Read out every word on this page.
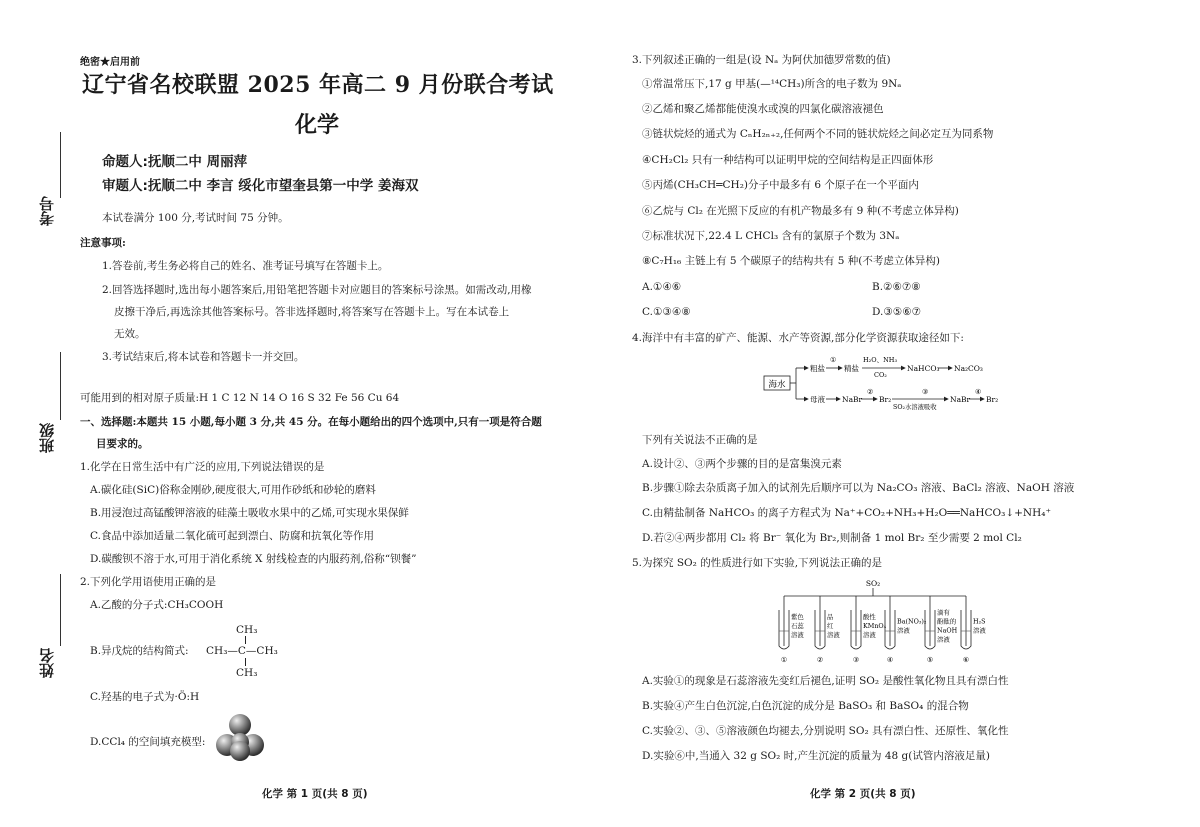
绝密★启用前
辽宁省名校联盟 2025 年高二 9 月份联合考试
化学
命题人:抚顺二中 周丽萍
审题人:抚顺二中 李言 绥化市望奎县第一中学 姜海双
本试卷满分 100 分,考试时间 75 分钟。
注意事项:
1.答卷前,考生务必将自己的姓名、准考证号填写在答题卡上。
2.回答选择题时,选出每小题答案后,用铅笔把答题卡对应题目的答案标号涂黑。如需改动,用橡
皮擦干净后,再选涂其他答案标号。答非选择题时,将答案写在答题卡上。写在本试卷上
无效。
3.考试结束后,将本试卷和答题卡一并交回。
可能用到的相对原子质量:H 1 C 12 N 14 O 16 S 32 Fe 56 Cu 64
一、选择题:本题共 15 小题,每小题 3 分,共 45 分。在每小题给出的四个选项中,只有一项是符合题
目要求的。
1.化学在日常生活中有广泛的应用,下列说法错误的是
A.碳化硅(SiC)俗称金刚砂,硬度很大,可用作砂纸和砂轮的磨料
B.用浸泡过高锰酸钾溶液的硅藻土吸收水果中的乙烯,可实现水果保鲜
C.食品中添加适量二氧化硫可起到漂白、防腐和抗氧化等作用
D.碳酸钡不溶于水,可用于消化系统 X 射线检查的内服药剂,俗称“钡餐”
2.下列化学用语使用正确的是
A.乙酸的分子式:CH₃COOH
B.异戊烷的结构简式:
CH₃
CH₃—C—CH₃
CH₃
C.羟基的电子式为·Ö:H
D.CCl₄ 的空间填充模型:
考号
班级
姓名
化学 第 1 页(共 8 页)
3.下列叙述正确的一组是(设 Nₐ 为阿伏加德罗常数的值)
①常温常压下,17 g 甲基(—¹⁴CH₃)所含的电子数为 9Nₐ
②乙烯和聚乙烯都能使溴水或溴的四氯化碳溶液褪色
③链状烷烃的通式为 CₙH₂ₙ₊₂,任何两个不同的链状烷烃之间必定互为同系物
④CH₂Cl₂ 只有一种结构可以证明甲烷的空间结构是正四面体形
⑤丙烯(CH₃CH═CH₂)分子中最多有 6 个原子在一个平面内
⑥乙烷与 Cl₂ 在光照下反应的有机产物最多有 9 种(不考虑立体异构)
⑦标准状况下,22.4 L CHCl₃ 含有的氯原子个数为 3Nₐ
⑧C₇H₁₆ 主链上有 5 个碳原子的结构共有 5 种(不考虑立体异构)
A.①④⑥	B.②⑥⑦⑧
C.①③④⑧	D.③⑤⑥⑦
4.海洋中有丰富的矿产、能源、水产等资源,部分化学资源获取途径如下:
海水
粗盐
①
精盐
H₂O、NH₃
CO₂
NaHCO₃ Na₂CO₃
母液 NaBr
②
Br₂
③
SO₂水溶液吸收
NaBr
④
Br₂
下列有关说法不正确的是
A.设计②、③两个步骤的目的是富集溴元素
B.步骤①除去杂质离子加入的试剂先后顺序可以为 Na₂CO₃ 溶液、BaCl₂ 溶液、NaOH 溶液
C.由精盐制备 NaHCO₃ 的离子方程式为 Na⁺+CO₂+NH₃+H₂O══NaHCO₃↓+NH₄⁺
D.若②④两步都用 Cl₂ 将 Br⁻ 氧化为 Br₂,则制备 1 mol Br₂ 至少需要 2 mol Cl₂
5.为探究 SO₂ 的性质进行如下实验,下列说法正确的是
SO₂
紫色
石蕊
溶液
①
品
红
溶液
②
酸性
KMnO₄
溶液
③
Ba(NO₃)₂
溶液
④
滴有
酚酞的
NaOH
溶液
⑤
H₂S
溶液
⑥
A.实验①的现象是石蕊溶液先变红后褪色,证明 SO₂ 是酸性氧化物且具有漂白性
B.实验④产生白色沉淀,白色沉淀的成分是 BaSO₃ 和 BaSO₄ 的混合物
C.实验②、③、⑤溶液颜色均褪去,分别说明 SO₂ 具有漂白性、还原性、氧化性
D.实验⑥中,当通入 32 g SO₂ 时,产生沉淀的质量为 48 g(试管内溶液足量)
化学 第 2 页(共 8 页)
